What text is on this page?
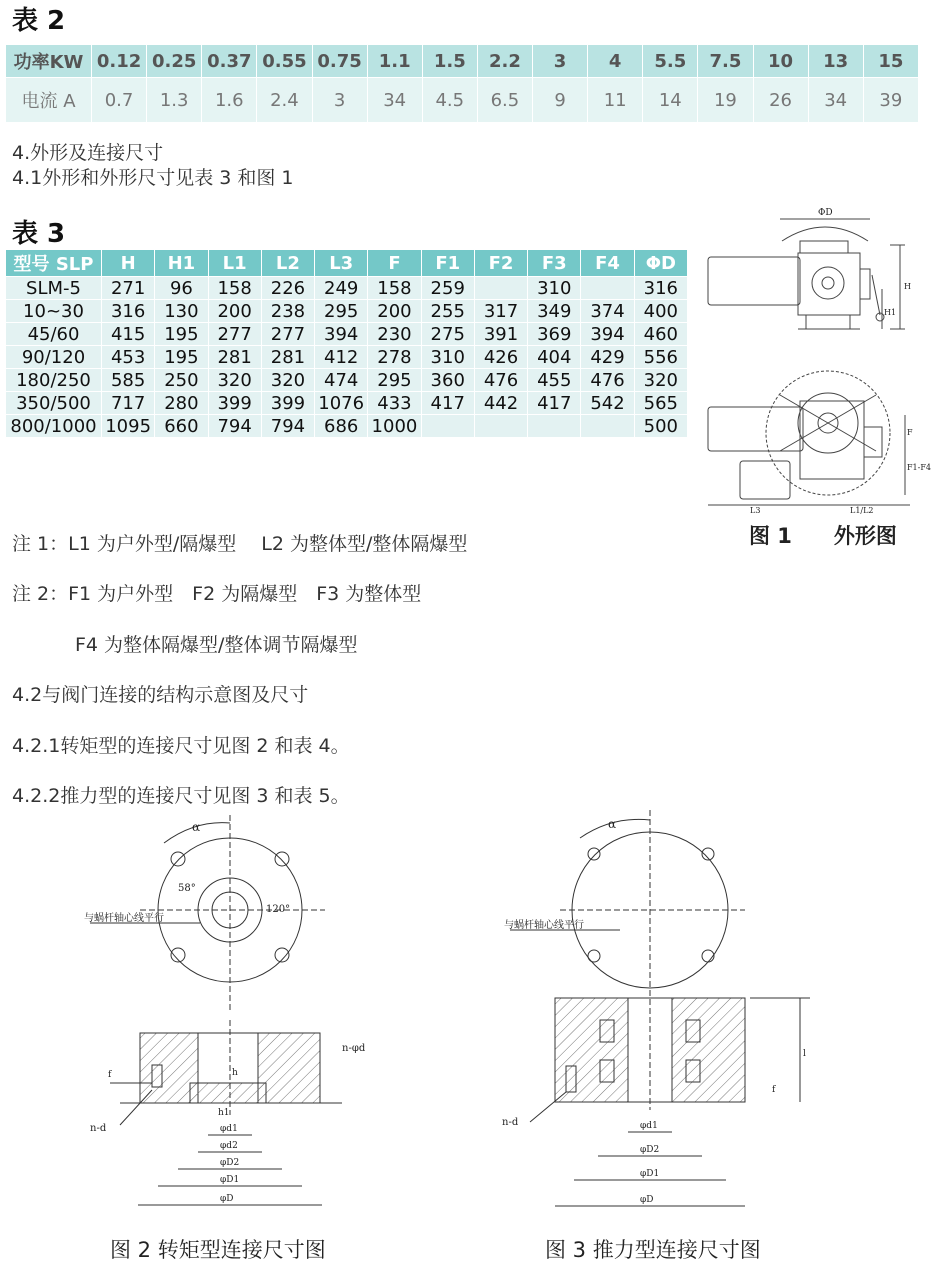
表 2
功率KW	0.12	0.25	0.37	0.55	0.75	1.1	1.5	2.2	3	4	5.5	7.5	10	13	15
电流 A	0.7	1.3	1.6	2.4	3	34	4.5	6.5	9	11	14	19	26	34	39
4.外形及连接尺寸
4.1外形和外形尺寸见表 3 和图 1
表 3
型号 SLP	H	H1	L1	L2	L3	F	F1	F2	F3	F4	ΦD
SLM-5	271	96	158	226	249	158	259		310		316
10~30	316	130	200	238	295	200	255	317	349	374	400
45/60	415	195	277	277	394	230	275	391	369	394	460
90/120	453	195	281	281	412	278	310	426	404	429	556
180/250	585	250	320	320	474	295	360	476	455	476	320
350/500	717	280	399	399	1076	433	417	442	417	542	565
800/1000	1095	660	794	794	686	1000					500
ΦD
H
H1
L3	L1/L2
F
F1-F4
图 1　　外形图
注 1：L1 为户外型/隔爆型　 L2 为整体型/整体隔爆型
注 2：F1 为户外型　F2 为隔爆型　F3 为整体型
F4 为整体隔爆型/整体调节隔爆型
4.2与阀门连接的结构示意图及尺寸
4.2.1转矩型的连接尺寸见图 2 和表 4。
4.2.2推力型的连接尺寸见图 3 和表 5。
α
58°
120°
与蜗杆轴心线平行
f	h
h1
n-φd
n-d	φd1
φd2
φD2
φD1
φD
图 2 转矩型连接尺寸图
α
与蜗杆轴心线平行
l
f
n-d	φd1
φD2
φD1
φD
图 3 推力型连接尺寸图
